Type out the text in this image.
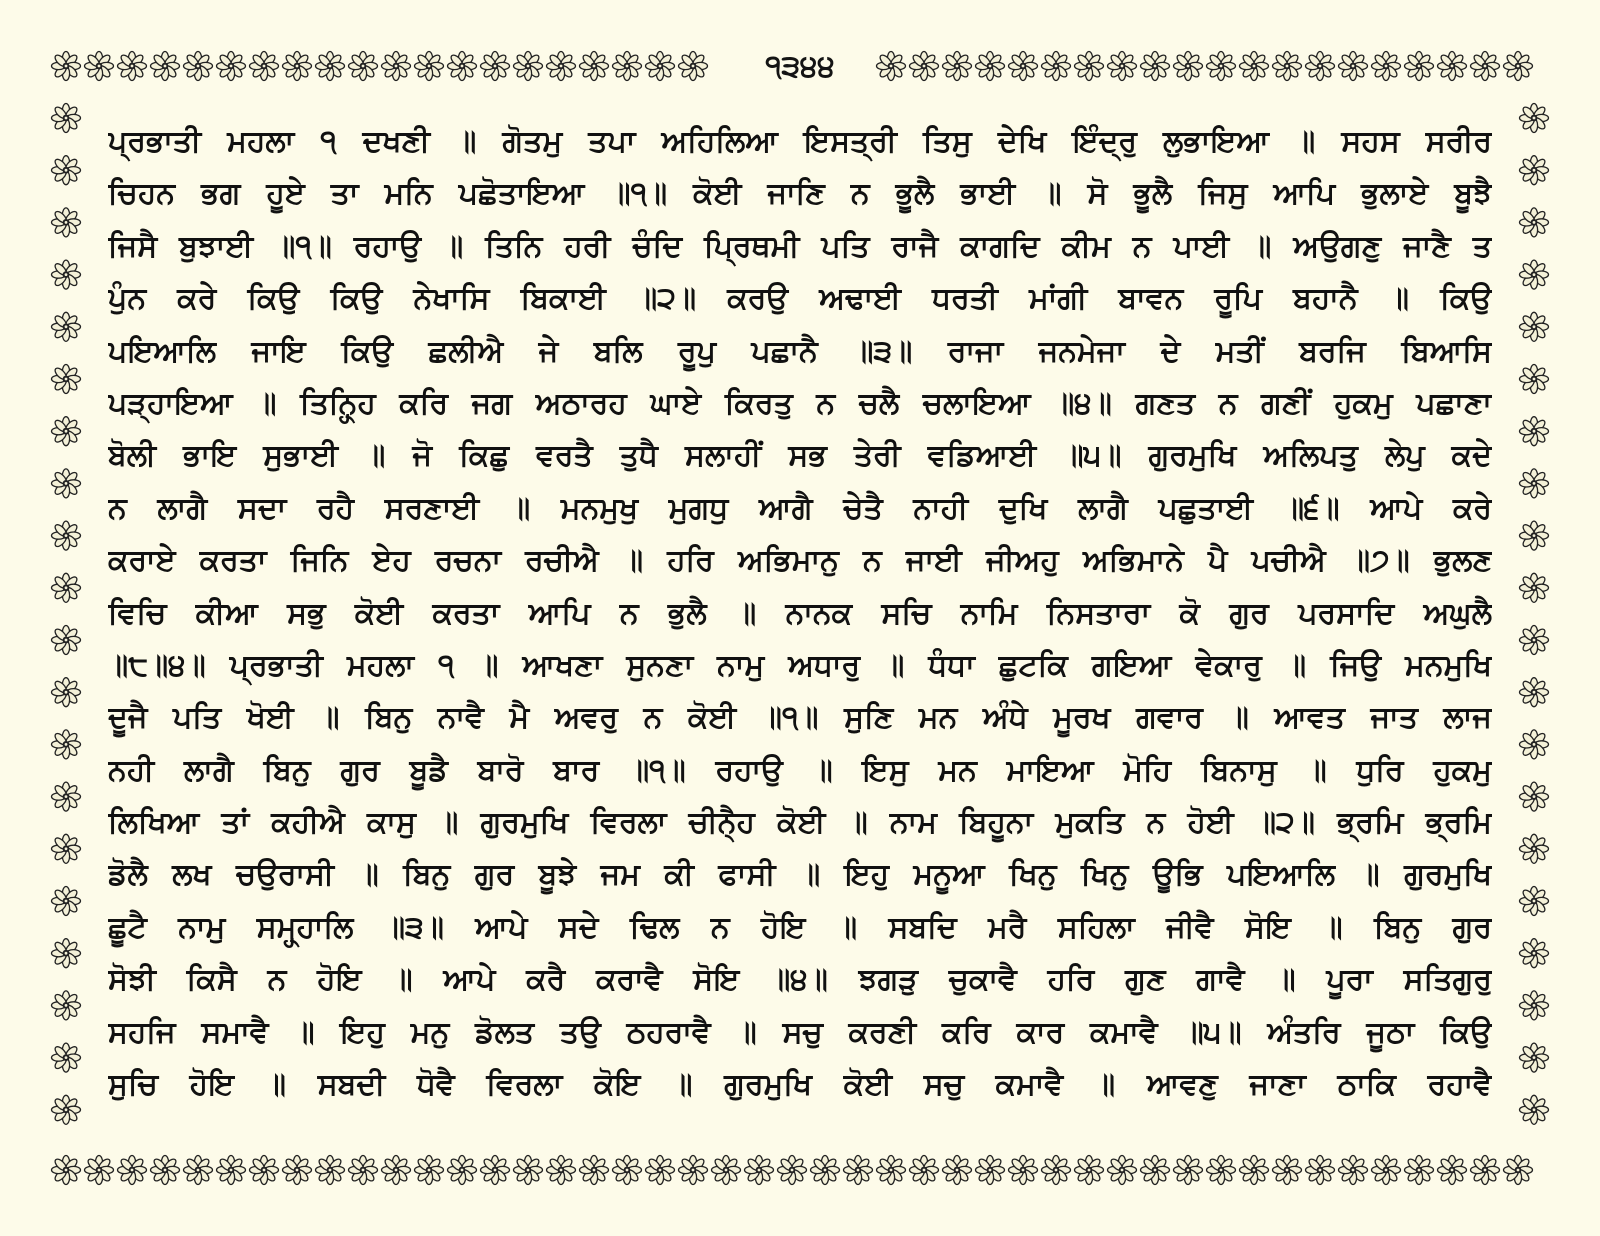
੧੩੪੪
ਪ੍ਰਭਾਤੀ ਮਹਲਾ ੧ ਦਖਣੀ ॥ ਗੋਤਮੁ ਤਪਾ ਅਹਿਲਿਆ ਇਸਤ੍ਰੀ ਤਿਸੁ ਦੇਖਿ ਇੰਦ੍ਰੁ ਲੁਭਾਇਆ ॥ ਸਹਸ ਸਰੀਰ
ਚਿਹਨ ਭਗ ਹੂਏ ਤਾ ਮਨਿ ਪਛੋਤਾਇਆ ॥੧॥ ਕੋਈ ਜਾਣਿ ਨ ਭੂਲੈ ਭਾਈ ॥ ਸੋ ਭੂਲੈ ਜਿਸੁ ਆਪਿ ਭੁਲਾਏ ਬੂਝੈ
ਜਿਸੈ ਬੁਝਾਈ ॥੧॥ ਰਹਾਉ ॥ ਤਿਨਿ ਹਰੀ ਚੰਦਿ ਪ੍ਰਿਥਮੀ ਪਤਿ ਰਾਜੈ ਕਾਗਦਿ ਕੀਮ ਨ ਪਾਈ ॥ ਅਉਗਣੁ ਜਾਣੈ ਤ
ਪੁੰਨ ਕਰੇ ਕਿਉ ਕਿਉ ਨੇਖਾਸਿ ਬਿਕਾਈ ॥੨॥ ਕਰਉ ਅਢਾਈ ਧਰਤੀ ਮਾਂਗੀ ਬਾਵਨ ਰੂਪਿ ਬਹਾਨੈ ॥ ਕਿਉ
ਪਇਆਲਿ ਜਾਇ ਕਿਉ ਛਲੀਐ ਜੇ ਬਲਿ ਰੂਪੁ ਪਛਾਨੈ ॥੩॥ ਰਾਜਾ ਜਨਮੇਜਾ ਦੇ ਮਤੀਂ ਬਰਜਿ ਬਿਆਸਿ
ਪੜ੍ਹਾਇਆ ॥ ਤਿਨ੍ਹ੍ਹਿ ਕਰਿ ਜਗ ਅਠਾਰਹ ਘਾਏ ਕਿਰਤੁ ਨ ਚਲੈ ਚਲਾਇਆ ॥੪॥ ਗਣਤ ਨ ਗਣੀਂ ਹੁਕਮੁ ਪਛਾਣਾ
ਬੋਲੀ ਭਾਇ ਸੁਭਾਈ ॥ ਜੋ ਕਿਛੁ ਵਰਤੈ ਤੁਧੈ ਸਲਾਹੀਂ ਸਭ ਤੇਰੀ ਵਡਿਆਈ ॥੫॥ ਗੁਰਮੁਖਿ ਅਲਿਪਤੁ ਲੇਪੁ ਕਦੇ
ਨ ਲਾਗੈ ਸਦਾ ਰਹੈ ਸਰਣਾਈ ॥ ਮਨਮੁਖੁ ਮੁਗਧੁ ਆਗੈ ਚੇਤੈ ਨਾਹੀ ਦੁਖਿ ਲਾਗੈ ਪਛੁਤਾਈ ॥੬॥ ਆਪੇ ਕਰੇ
ਕਰਾਏ ਕਰਤਾ ਜਿਨਿ ਏਹ ਰਚਨਾ ਰਚੀਐ ॥ ਹਰਿ ਅਭਿਮਾਨੁ ਨ ਜਾਈ ਜੀਅਹੁ ਅਭਿਮਾਨੇ ਪੈ ਪਚੀਐ ॥੭॥ ਭੁਲਣ
ਵਿਚਿ ਕੀਆ ਸਭੁ ਕੋਈ ਕਰਤਾ ਆਪਿ ਨ ਭੁਲੈ ॥ ਨਾਨਕ ਸਚਿ ਨਾਮਿ ਨਿਸਤਾਰਾ ਕੋ ਗੁਰ ਪਰਸਾਦਿ ਅਘੁਲੈ
॥੮॥੪॥ ਪ੍ਰਭਾਤੀ ਮਹਲਾ ੧ ॥ ਆਖਣਾ ਸੁਨਣਾ ਨਾਮੁ ਅਧਾਰੁ ॥ ਧੰਧਾ ਛੁਟਕਿ ਗਇਆ ਵੇਕਾਰੁ ॥ ਜਿਉ ਮਨਮੁਖਿ
ਦੂਜੈ ਪਤਿ ਖੋਈ ॥ ਬਿਨੁ ਨਾਵੈ ਮੈ ਅਵਰੁ ਨ ਕੋਈ ॥੧॥ ਸੁਣਿ ਮਨ ਅੰਧੇ ਮੂਰਖ ਗਵਾਰ ॥ ਆਵਤ ਜਾਤ ਲਾਜ
ਨਹੀ ਲਾਗੈ ਬਿਨੁ ਗੁਰ ਬੂਡੈ ਬਾਰੋ ਬਾਰ ॥੧॥ ਰਹਾਉ ॥ ਇਸੁ ਮਨ ਮਾਇਆ ਮੋਹਿ ਬਿਨਾਸੁ ॥ ਧੁਰਿ ਹੁਕਮੁ
ਲਿਖਿਆ ਤਾਂ ਕਹੀਐ ਕਾਸੁ ॥ ਗੁਰਮੁਖਿ ਵਿਰਲਾ ਚੀਨੈ੍ਹ ਕੋਈ ॥ ਨਾਮ ਬਿਹੂਨਾ ਮੁਕਤਿ ਨ ਹੋਈ ॥੨॥ ਭ੍ਰਮਿ ਭ੍ਰਮਿ
ਡੋਲੈ ਲਖ ਚਉਰਾਸੀ ॥ ਬਿਨੁ ਗੁਰ ਬੂਝੇ ਜਮ ਕੀ ਫਾਸੀ ॥ ਇਹੁ ਮਨੂਆ ਖਿਨੁ ਖਿਨੁ ਊਭਿ ਪਇਆਲਿ ॥ ਗੁਰਮੁਖਿ
ਛੂਟੈ ਨਾਮੁ ਸਮ੍ਹ੍ਹਾਲਿ ॥੩॥ ਆਪੇ ਸਦੇ ਢਿਲ ਨ ਹੋਇ ॥ ਸਬਦਿ ਮਰੈ ਸਹਿਲਾ ਜੀਵੈ ਸੋਇ ॥ ਬਿਨੁ ਗੁਰ
ਸੋਝੀ ਕਿਸੈ ਨ ਹੋਇ ॥ ਆਪੇ ਕਰੈ ਕਰਾਵੈ ਸੋਇ ॥੪॥ ਝਗੜੁ ਚੁਕਾਵੈ ਹਰਿ ਗੁਣ ਗਾਵੈ ॥ ਪੂਰਾ ਸਤਿਗੁਰੁ
ਸਹਜਿ ਸਮਾਵੈ ॥ ਇਹੁ ਮਨੁ ਡੋਲਤ ਤਉ ਠਹਰਾਵੈ ॥ ਸਚੁ ਕਰਣੀ ਕਰਿ ਕਾਰ ਕਮਾਵੈ ॥੫॥ ਅੰਤਰਿ ਜੂਠਾ ਕਿਉ
ਸੁਚਿ ਹੋਇ ॥ ਸਬਦੀ ਧੋਵੈ ਵਿਰਲਾ ਕੋਇ ॥ ਗੁਰਮੁਖਿ ਕੋਈ ਸਚੁ ਕਮਾਵੈ ॥ ਆਵਣੁ ਜਾਣਾ ਠਾਕਿ ਰਹਾਵੈ
